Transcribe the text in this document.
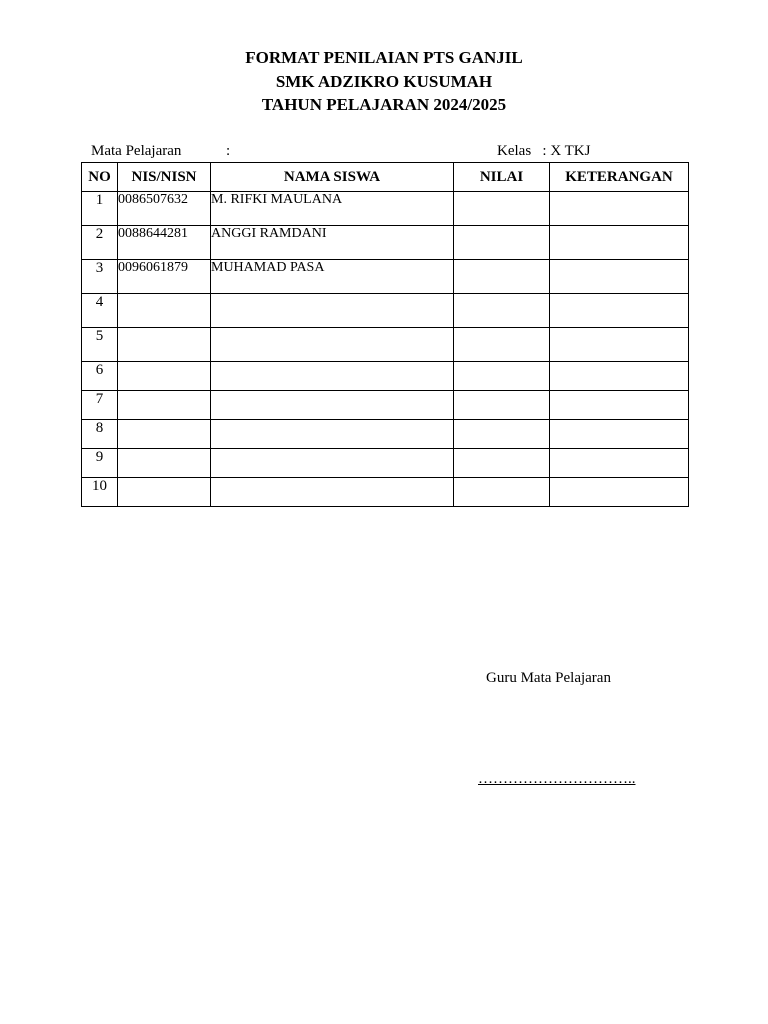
FORMAT PENILAIAN PTS GANJIL
SMK ADZIKRO KUSUMAH
TAHUN PELAJARAN 2024/2025
Mata Pelajaran	:	Kelas : X TKJ
NO	NIS/NISN	NAMA SISWA	NILAI	KETERANGAN
1	0086507632	M. RIFKI MAULANA		
2	0088644281	ANGGI RAMDANI		
3	0096061879	MUHAMAD PASA		
4				
5				
6				
7				
8				
9				
10				
Guru Mata Pelajaran
…………………………..
